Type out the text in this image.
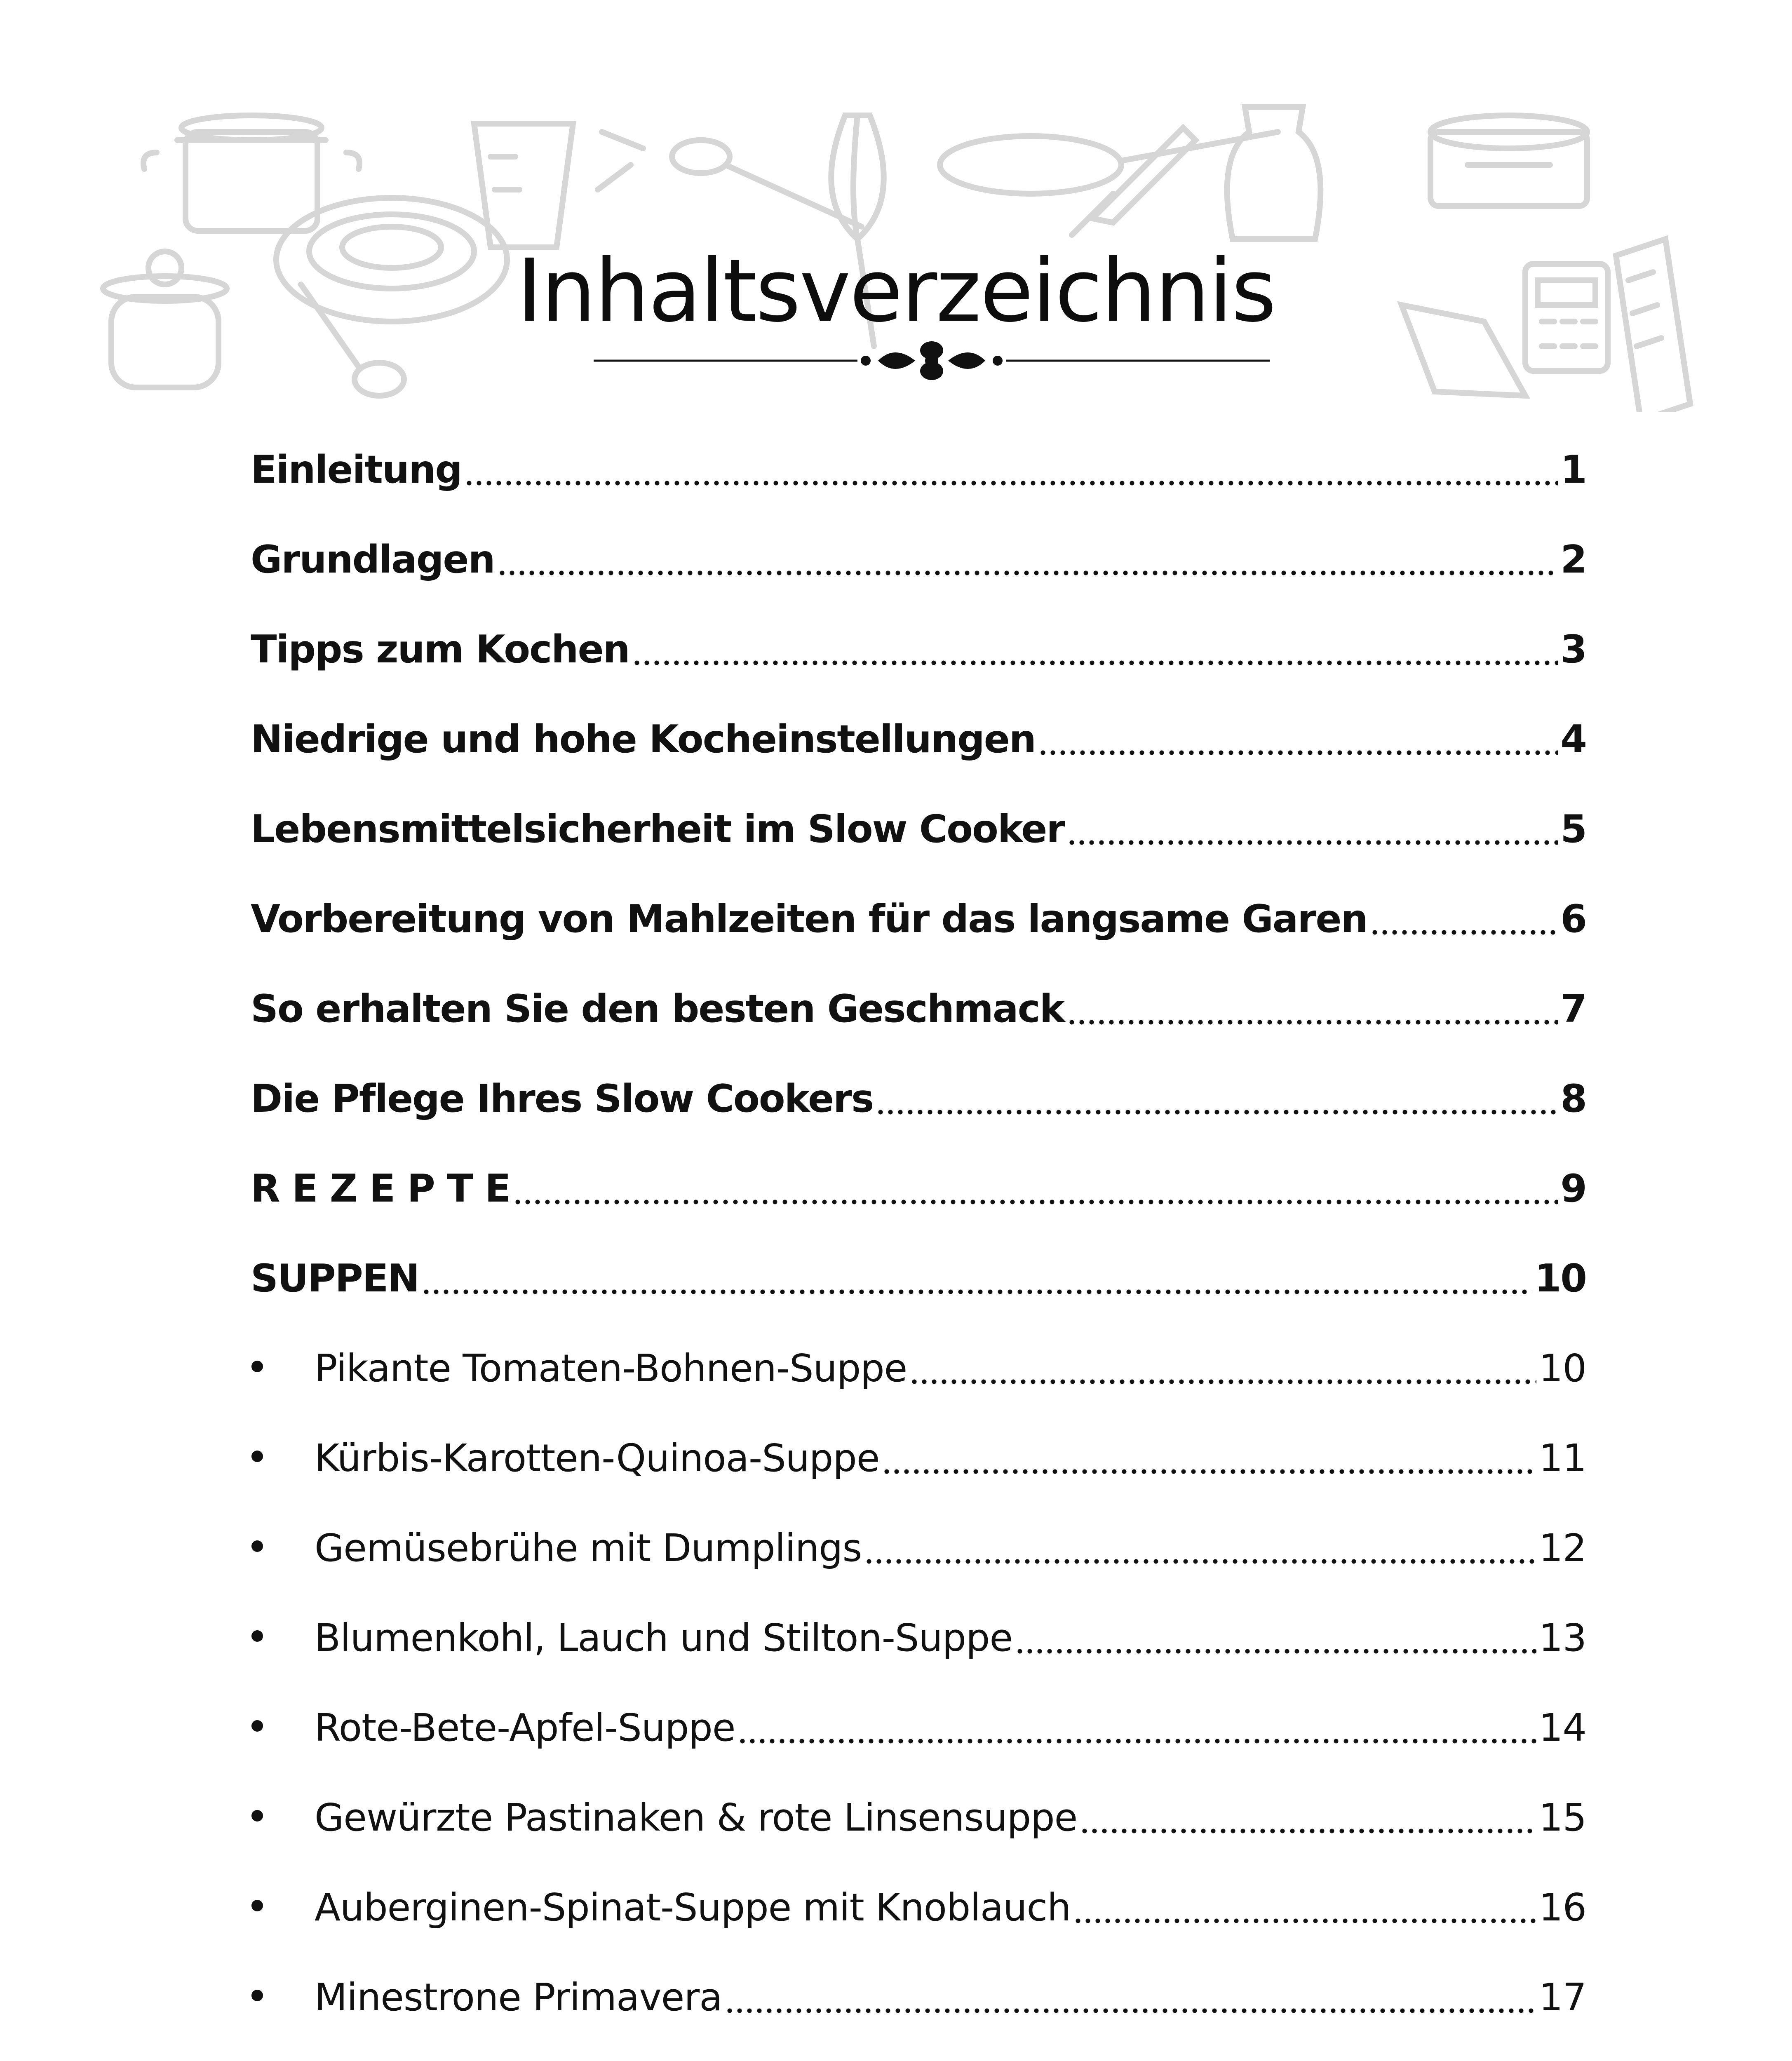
Inhaltsverzeichnis
Einleitung	1
Grundlagen	2
Tipps zum Kochen	3
Niedrige und hohe Kocheinstellungen	4
Lebensmittelsicherheit im Slow Cooker	5
Vorbereitung von Mahlzeiten für das langsame Garen	6
So erhalten Sie den besten Geschmack	7
Die Pflege Ihres Slow Cookers	8
R E Z E P T E	9
SUPPEN	10
Pikante Tomaten-Bohnen-Suppe	10
Kürbis-Karotten-Quinoa-Suppe	11
Gemüsebrühe mit Dumplings	12
Blumenkohl, Lauch und Stilton-Suppe	13
Rote-Bete-Apfel-Suppe	14
Gewürzte Pastinaken & rote Linsensuppe	15
Auberginen-Spinat-Suppe mit Knoblauch	16
Minestrone Primavera	17
